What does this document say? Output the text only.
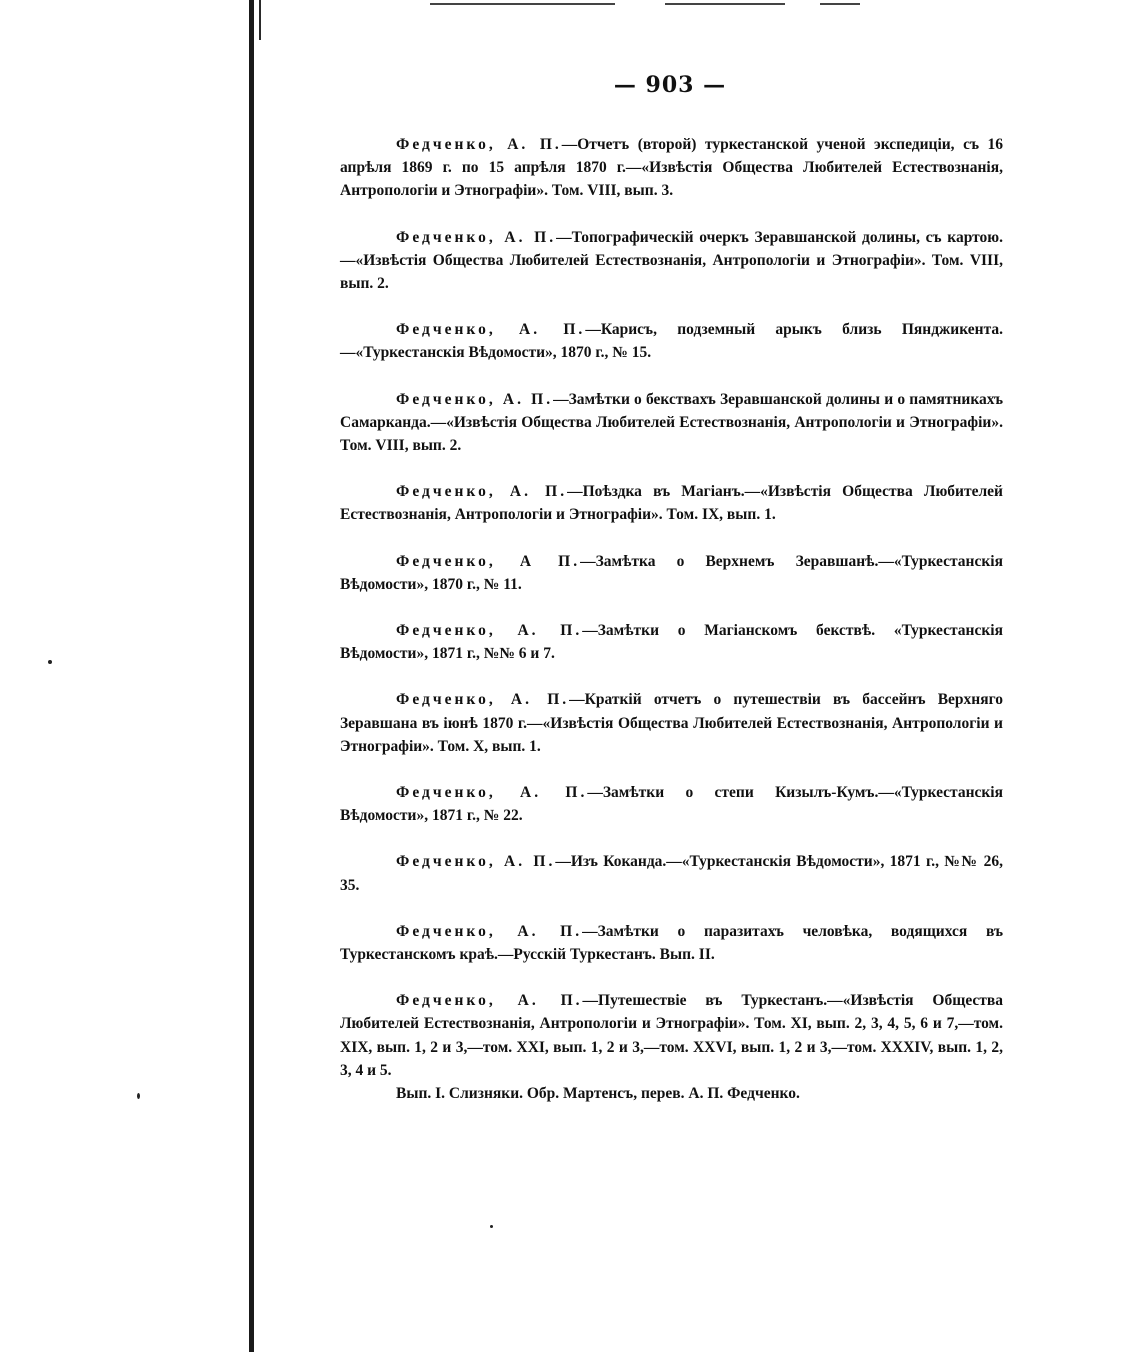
— 903 —

Федченко, А. П.—Отчетъ (второй) туркестанской ученой экспедиціи, съ 16 апрѣля 1869 г. по 15 апрѣля 1870 г.—«Извѣстія Общества Любителей Естествознанія, Антропологіи и Этнографіи». Том. VIII, вып. 3.

Федченко, А. П.—Топографическій очеркъ Зеравшанской долины, съ картою.—«Извѣстія Общества Любителей Естествознанія, Антропологіи и Этнографіи». Том. VIII, вып. 2.

Федченко, А. П.—Карисъ, подземный арыкъ близь Пянджикента.—«Туркестанскія Вѣдомости», 1870 г., № 15.

Федченко, А. П.—Замѣтки о бекствахъ Зеравшанской долины и о памятникахъ Самарканда.—«Извѣстія Общества Любителей Естествознанія, Антропологіи и Этнографіи». Том. VIII, вып. 2.

Федченко, А. П.—Поѣздка въ Магіанъ.—«Извѣстія Общества Любителей Естествознанія, Антропологіи и Этнографіи». Том. IX, вып. 1.

Федченко, А П.—Замѣтка о Верхнемъ Зеравшанѣ.—«Туркестанскія Вѣдомости», 1870 г., № 11.

Федченко, А. П.—Замѣтки о Магіанскомъ бекствѣ. «Туркестанскія Вѣдомости», 1871 г., №№ 6 и 7.

Федченко, А. П.—Краткій отчетъ о путешествіи въ бассейнъ Верхняго Зеравшана въ іюнѣ 1870 г.—«Извѣстія Общества Любителей Естествознанія, Антропологіи и Этнографіи». Том. X, вып. 1.

Федченко, А. П.—Замѣтки о степи Кизылъ-Кумъ.—«Туркестанскія Вѣдомости», 1871 г., № 22.

Федченко, А. П.—Изъ Коканда.—«Туркестанскія Вѣдомости», 1871 г., №№ 26, 35.

Федченко, А. П.—Замѣтки о паразитахъ человѣка, водящихся въ Туркестанскомъ краѣ.—Русскій Туркестанъ. Вып. II.

Федченко, А. П.—Путешествіе въ Туркестанъ.—«Извѣстія Общества Любителей Естествознанія, Антропологіи и Этнографіи». Том. XI, вып. 2, 3, 4, 5, 6 и 7,—том. XIX, вып. 1, 2 и 3,—том. XXI, вып. 1, 2 и 3,—том. XXVI, вып. 1, 2 и 3,—том. XXXIV, вып. 1, 2, 3, 4 и 5.

Вып. I. Слизняки. Обр. Мартенсъ, перев. А. П. Федченко.
